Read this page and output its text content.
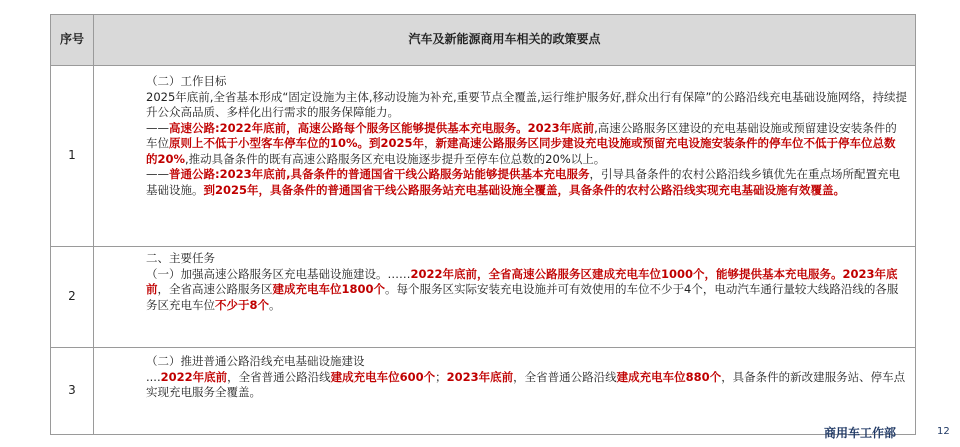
序号	汽车及新能源商用车相关的政策要点
1	（二）工作目标
2025年底前,全省基本形成“固定设施为主体,移动设施为补充,重要节点全覆盖,运行维护服务好,群众出行有保障”的公路沿线充电基础设施网络，持续提升公众高品质、多样化出行需求的服务保障能力。
——高速公路:2022年底前，高速公路每个服务区能够提供基本充电服务。2023年底前,高速公路服务区建设的充电基础设施或预留建设安装条件的车位原则上不低于小型客车停车位的10%。到2025年，新建高速公路服务区同步建设充电设施或预留充电设施安装条件的停车位不低于停车位总数的20%,推动具备条件的既有高速公路服务区充电设施逐步提升至停车位总数的20%以上。
——普通公路:2023年底前,具备条件的普通国省干线公路服务站能够提供基本充电服务，引导具备条件的农村公路沿线乡镇优先在重点场所配置充电基础设施。到2025年，具备条件的普通国省干线公路服务站充电基础设施全覆盖，具备条件的农村公路沿线实现充电基础设施有效覆盖。

2	二、主要任务
（一）加强高速公路服务区充电基础设施建设。……2022年底前，全省高速公路服务区建成充电车位1000个，能够提供基本充电服务。2023年底前，全省高速公路服务区建成充电车位1800个。每个服务区实际安装充电设施并可有效使用的车位不少于4个，电动汽车通行量较大线路沿线的各服务区充电车位不少于8个。

3	（二）推进普通公路沿线充电基础设施建设
....2022年底前，全省普通公路沿线建成充电车位600个；2023年底前，全省普通公路沿线建成充电车位880个，具备条件的新改建服务站、停车点实现充电服务全覆盖。
商用车工作部	12
